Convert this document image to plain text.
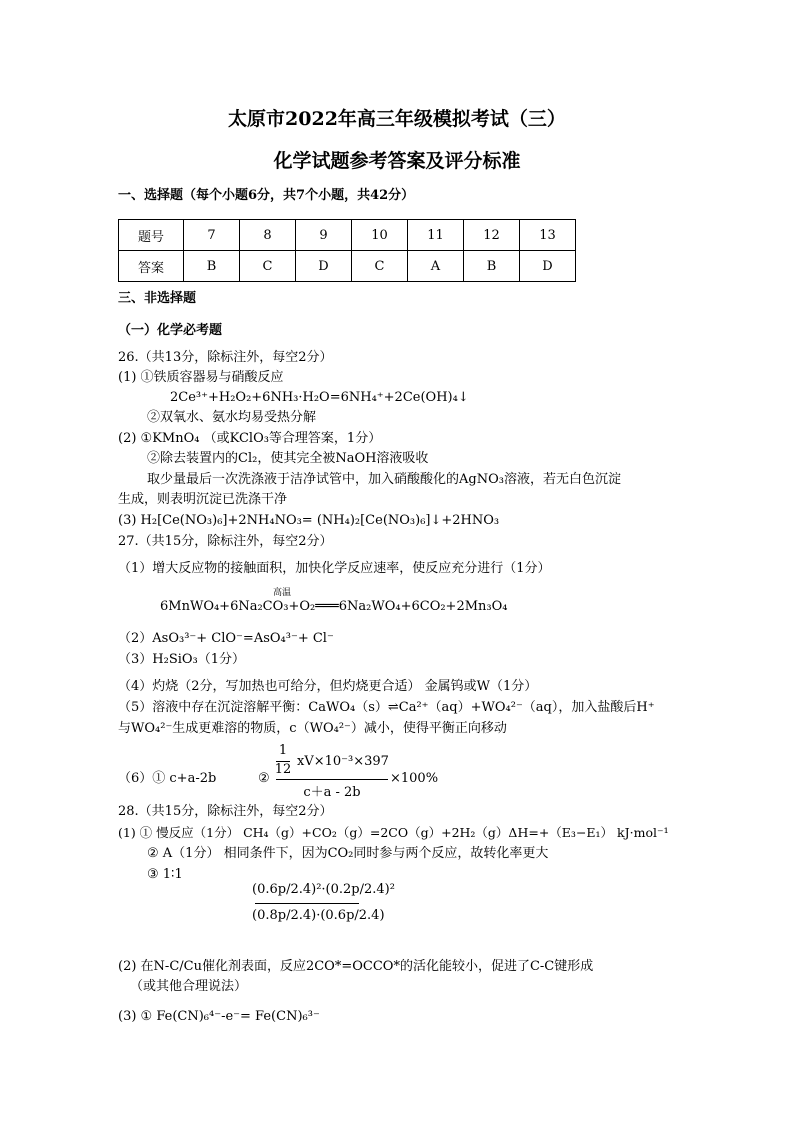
太原市2022年高三年级模拟考试（三）
化学试题参考答案及评分标准
一、选择题（每个小题6分，共7个小题，共42分）
题号	7	8	9	10	11	12	13
答案	B	C	D	C	A	B	D
三、非选择题
（一）化学必考题
26.（共13分，除标注外，每空2分）
(1) ①铁质容器易与硝酸反应
2Ce³⁺+H₂O₂+6NH₃·H₂O=6NH₄⁺+2Ce(OH)₄↓
②双氧水、氨水均易受热分解
(2) ①KMnO₄ （或KClO₃等合理答案，1分）
②除去装置内的Cl₂，使其完全被NaOH溶液吸收
取少量最后一次洗涤液于洁净试管中，加入硝酸酸化的AgNO₃溶液，若无白色沉淀
生成，则表明沉淀已洗涤干净
(3) H₂[Ce(NO₃)₆]+2NH₄NO₃= (NH₄)₂[Ce(NO₃)₆]↓+2HNO₃
27.（共15分，除标注外，每空2分）
（1）增大反应物的接触面积，加快化学反应速率，使反应充分进行（1分）
高温
6MnWO₄+6Na₂CO₃+O₂═══6Na₂WO₄+6CO₂+2Mn₃O₄
（2）AsO₃³⁻+ ClO⁻=AsO₄³⁻+ Cl⁻
（3）H₂SiO₃（1分）
（4）灼烧（2分，写加热也可给分，但灼烧更合适） 金属钨或W（1分）
（5）溶液中存在沉淀溶解平衡：CaWO₄（s）⇌Ca²⁺（aq）+WO₄²⁻（aq），加入盐酸后H⁺
与WO₄²⁻生成更难溶的物质，c（WO₄²⁻）减小，使得平衡正向移动
（6）① c+a-2b	②
1
12
xV×10⁻³×397
c＋a - 2b
×100%
28.（共15分，除标注外，每空2分）
(1) ① 慢反应（1分） CH₄（g）+CO₂（g）=2CO（g）+2H₂（g）ΔH=+（E₃−E₁） kJ·mol⁻¹
② A（1分） 相同条件下，因为CO₂同时参与两个反应，故转化率更大
③ 1∶1
(0.6p/2.4)²·(0.2p/2.4)²
(0.8p/2.4)·(0.6p/2.4)
(2) 在N-C/Cu催化剂表面，反应2CO*=OCCO*的活化能较小，促进了C-C键形成
（或其他合理说法）
(3) ① Fe(CN)₆⁴⁻-e⁻= Fe(CN)₆³⁻
